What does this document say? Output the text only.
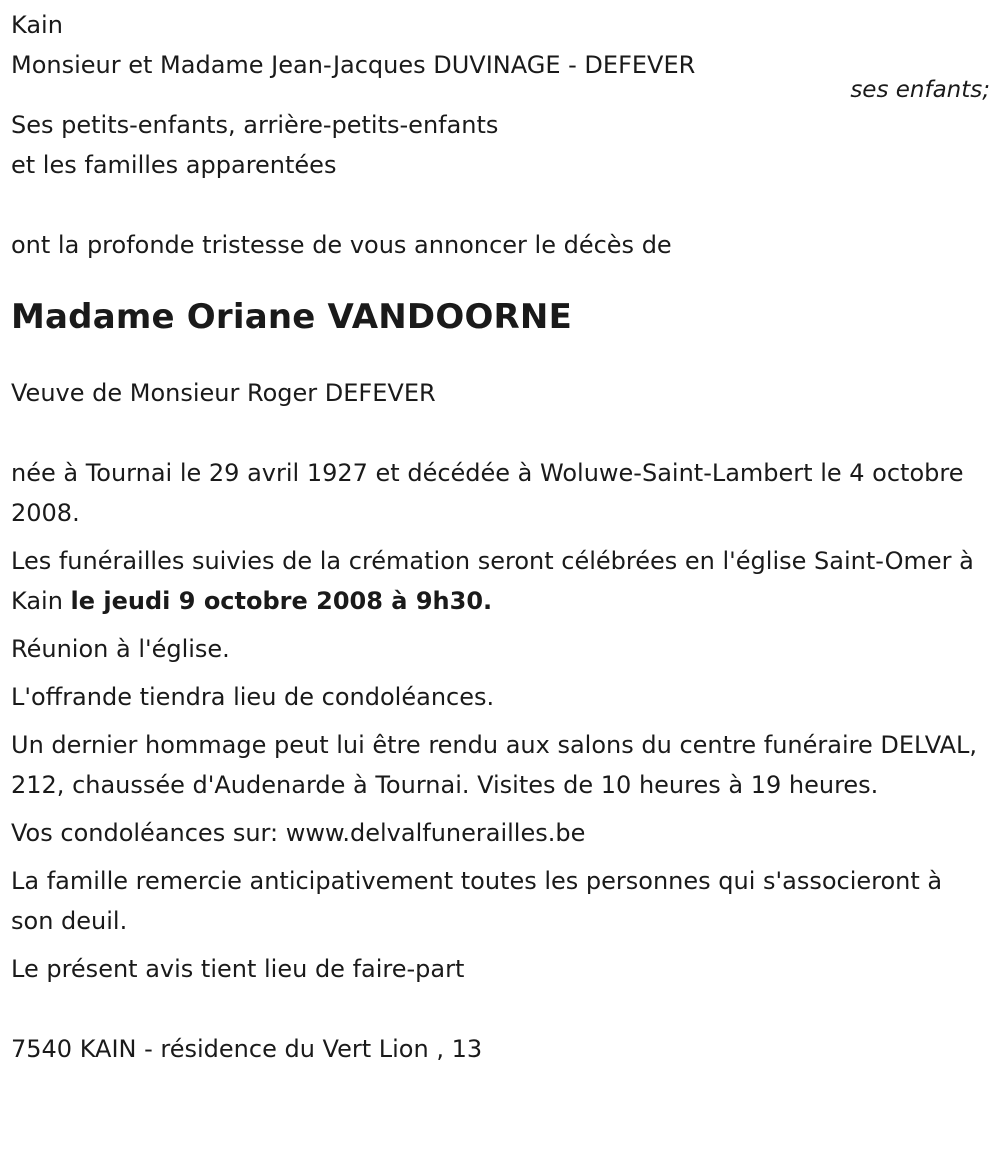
ses enfants;

Kain

Monsieur et Madame Jean-Jacques DUVINAGE - DEFEVER

Ses petits-enfants, arrière-petits-enfants

et les familles apparentées

ont la profonde tristesse de vous annoncer le décès de

Madame Oriane VANDOORNE

Veuve de Monsieur Roger DEFEVER

née à Tournai le 29 avril 1927 et décédée à Woluwe-Saint-Lambert le 4 octobre 2008.

Les funérailles suivies de la crémation seront célébrées en l'église Saint-Omer à Kain le jeudi 9 octobre 2008 à 9h30.

Réunion à l'église.

L'offrande tiendra lieu de condoléances.

Un dernier hommage peut lui être rendu aux salons du centre funéraire DELVAL, 212, chaussée d'Audenarde à Tournai. Visites de 10 heures à 19 heures.

Vos condoléances sur: www.delvalfunerailles.be

La famille remercie anticipativement toutes les personnes qui s'associeront à son deuil.

Le présent avis tient lieu de faire-part

7540 KAIN - résidence du Vert Lion , 13
